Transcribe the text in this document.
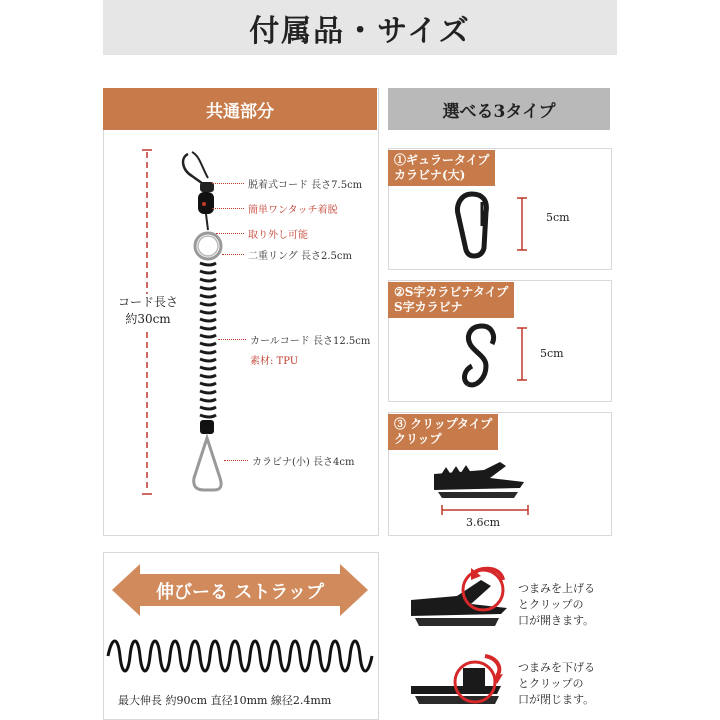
付属品・サイズ
共通部分
コード長さ
約30cm
脱着式コード 長さ7.5cm
簡単ワンタッチ着脱
取り外し可能
二重リング 長さ2.5cm
カールコード 長さ12.5cm
素材: TPU
カラビナ(小) 長さ4cm
選べる3タイプ
①ギュラータイプ
カラビナ(大)
5cm
②S字カラビナタイプ
S字カラビナ
5cm
③ クリップタイプ
クリップ
3.6cm
伸びーる ストラップ
最大伸長 約90cm 直径10mm 線径2.4mm
つまみを上げる
とクリップの
口が開きます。
つまみを下げる
とクリップの
口が閉じます。
